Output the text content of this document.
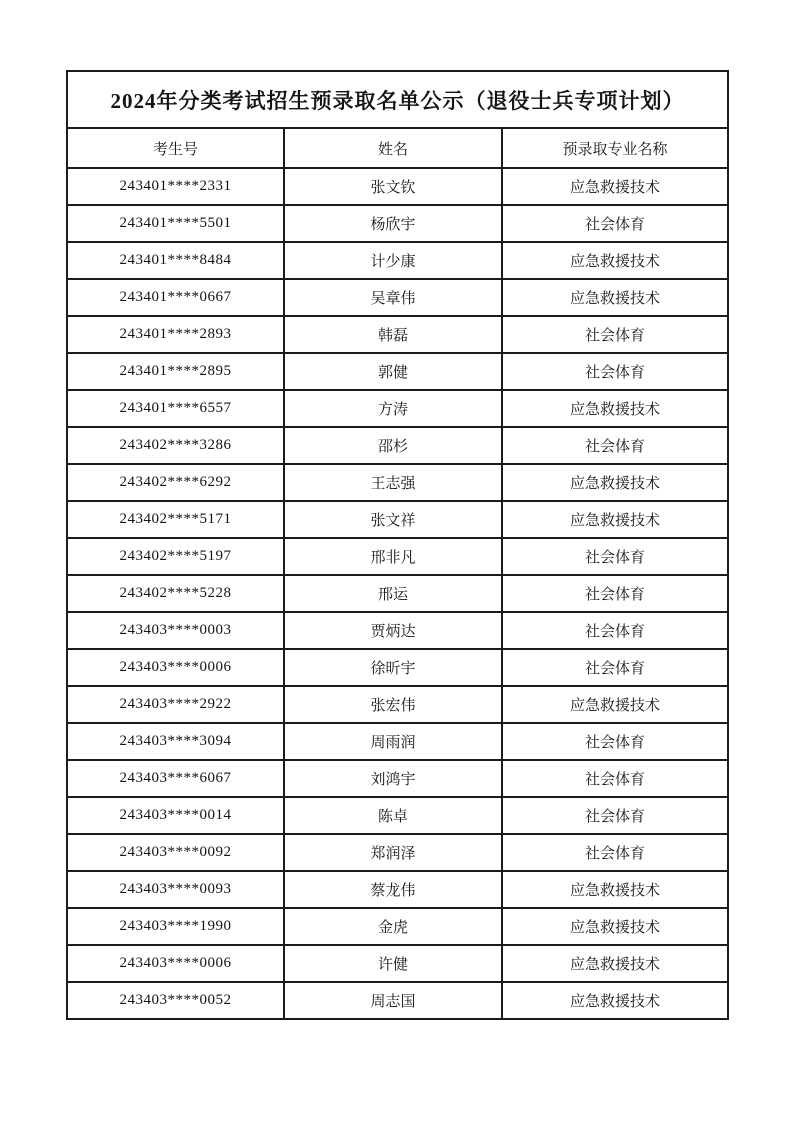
2024年分类考试招生预录取名单公示（退役士兵专项计划）		
考生号	姓名	预录取专业名称
243401****2331	张文钦	应急救援技术
243401****5501	杨欣宇	社会体育
243401****8484	计少康	应急救援技术
243401****0667	吴章伟	应急救援技术
243401****2893	韩磊	社会体育
243401****2895	郭健	社会体育
243401****6557	方涛	应急救援技术
243402****3286	邵杉	社会体育
243402****6292	王志强	应急救援技术
243402****5171	张文祥	应急救援技术
243402****5197	邢非凡	社会体育
243402****5228	邢运	社会体育
243403****0003	贾炳达	社会体育
243403****0006	徐昕宇	社会体育
243403****2922	张宏伟	应急救援技术
243403****3094	周雨润	社会体育
243403****6067	刘鸿宇	社会体育
243403****0014	陈卓	社会体育
243403****0092	郑润泽	社会体育
243403****0093	蔡龙伟	应急救援技术
243403****1990	金虎	应急救援技术
243403****0006	许健	应急救援技术
243403****0052	周志国	应急救援技术
